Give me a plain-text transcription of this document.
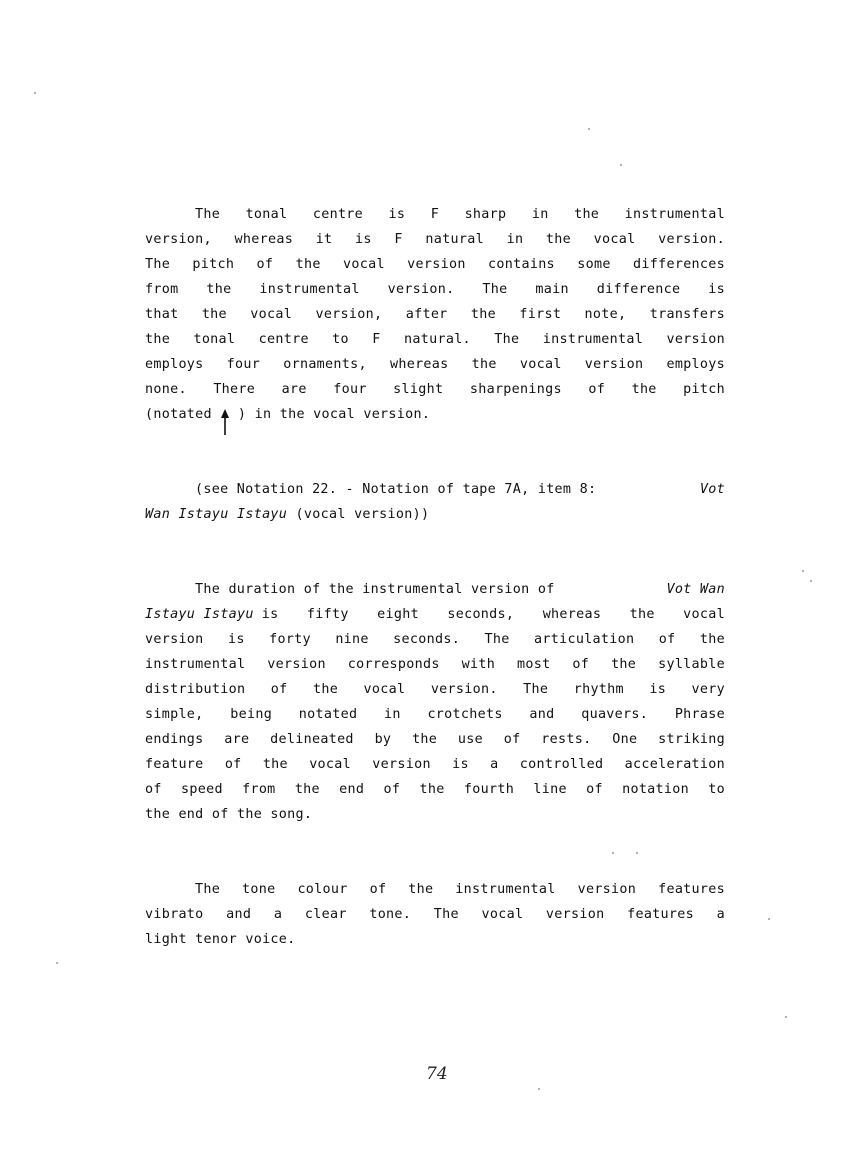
The tonal centre is F sharp in the instrumental
version, whereas it is F natural in the vocal version.
The pitch of the vocal version contains some differences
from the instrumental version. The main difference is
that the vocal version, after the first note, transfers
the tonal centre to F natural. The instrumental version
employs four ornaments, whereas the vocal version employs
none. There are four slight sharpenings of the pitch
(notated ) in the vocal version.
(see Notation 22. - Notation of tape 7A, item 8:	Vot
Wan Istayu Istayu (vocal version))
The duration of the instrumental version of	Vot Wan
Istayu Istayu is fifty eight seconds, whereas the vocal
version is forty nine seconds. The articulation of the
instrumental version corresponds with most of the syllable
distribution of the vocal version. The rhythm is very
simple, being notated in crotchets and quavers. Phrase
endings are delineated by the use of rests. One striking
feature of the vocal version is a controlled acceleration
of speed from the end of the fourth line of notation to
the end of the song.
The tone colour of the instrumental version features
vibrato and a clear tone. The vocal version features a
light tenor voice.
74
